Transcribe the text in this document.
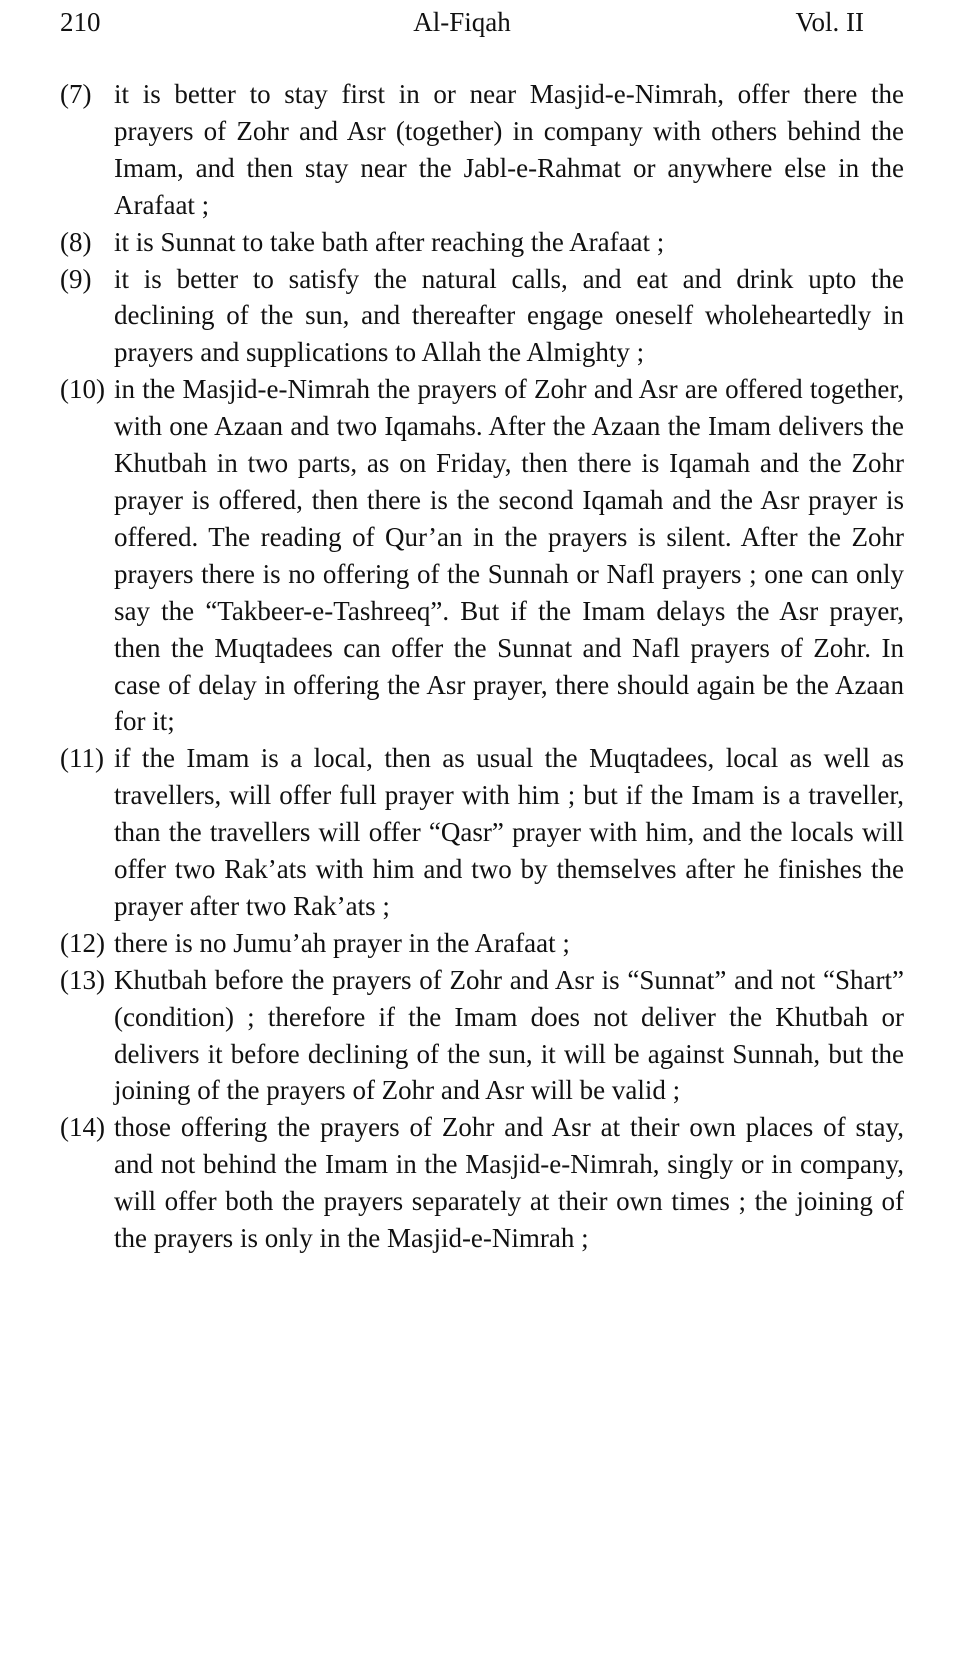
210	Al-Fiqah	Vol. II
(7) it is better to stay first in or near Masjid-e-Nimrah, offer there the prayers of Zohr and Asr (together) in company with others behind the Imam, and then stay near the Jabl-e-Rahmat or anywhere else in the Arafaat ;
(8) it is Sunnat to take bath after reaching the Arafaat ;
(9) it is better to satisfy the natural calls, and eat and drink upto the declining of the sun, and thereafter engage oneself wholeheartedly in prayers and supplications to Allah the Almighty ;
(10) in the Masjid-e-Nimrah the prayers of Zohr and Asr are offered together, with one Azaan and two Iqamahs. After the Azaan the Imam delivers the Khutbah in two parts, as on Friday, then there is Iqamah and the Zohr prayer is offered, then there is the second Iqamah and the Asr prayer is offered. The reading of Qur’an in the prayers is silent. After the Zohr prayers there is no offering of the Sunnah or Nafl prayers ; one can only say the “Takbeer-e-Tashreeq”. But if the Imam delays the Asr prayer, then the Muqtadees can offer the Sunnat and Nafl prayers of Zohr. In case of delay in offering the Asr prayer, there should again be the Azaan for it;
(11) if the Imam is a local, then as usual the Muqtadees, local as well as travellers, will offer full prayer with him ; but if the Imam is a traveller, than the travellers will offer “Qasr” prayer with him, and the locals will offer two Rak’ats with him and two by themselves after he finishes the prayer after two Rak’ats ;
(12) there is no Jumu’ah prayer in the Arafaat ;
(13) Khutbah before the prayers of Zohr and Asr is “Sunnat” and not “Shart” (condition) ; therefore if the Imam does not deliver the Khutbah or delivers it before declining of the sun, it will be against Sunnah, but the joining of the prayers of Zohr and Asr will be valid ;
(14) those offering the prayers of Zohr and Asr at their own places of stay, and not behind the Imam in the Masjid-e-Nimrah, singly or in company, will offer both the prayers separately at their own times ; the joining of the prayers is only in the Masjid-e-Nimrah ;
